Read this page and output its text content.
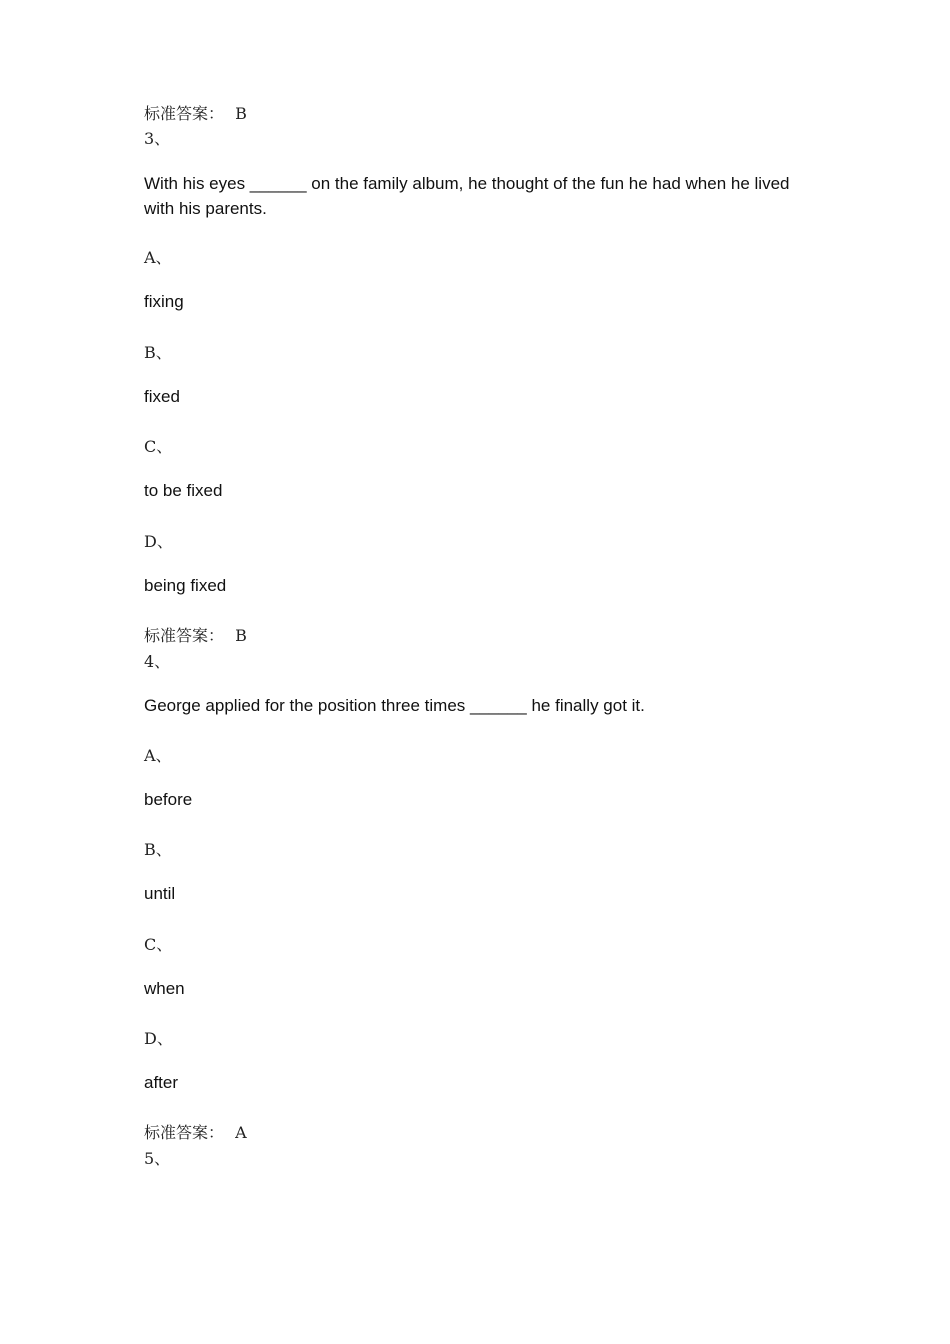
标准答案： B
3、
With his eyes ______ on the family album, he thought of the fun he had when he lived with his parents.
A、
fixing
B、
fixed
C、
to be fixed
D、
being fixed
标准答案： B
4、
George applied for the position three times ______ he finally got it.
A、
before
B、
until
C、
when
D、
after
标准答案： A
5、
